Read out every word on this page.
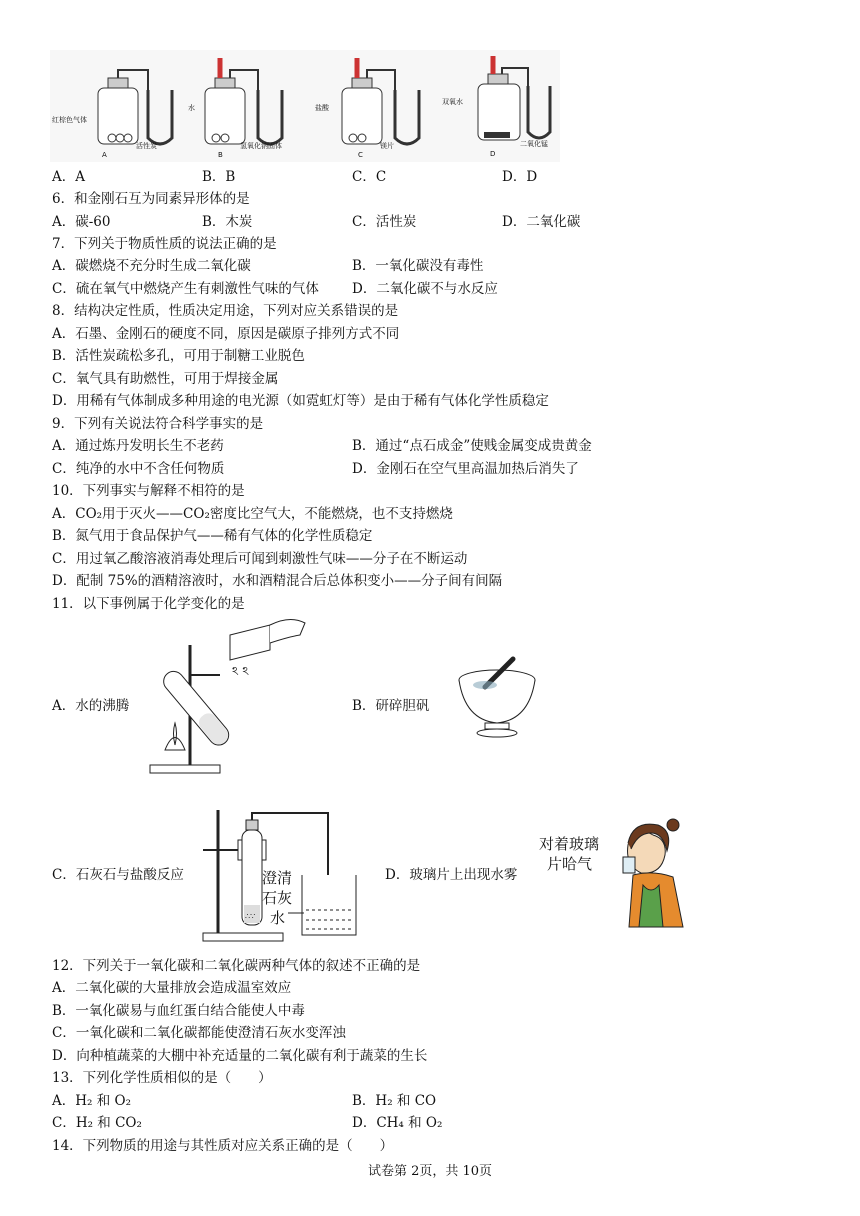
红棕色气体
活性炭
A
水
氢氧化钠固体
B
盐酸
镁片
C
双氧水
二氧化锰
D
A．A	B．B	C．C	D．D
6．和金刚石互为同素异形体的是
A．碳-60	B．木炭	C．活性炭	D．二氧化碳
7．下列关于物质性质的说法正确的是
A．碳燃烧不充分时生成二氧化碳	B．一氧化碳没有毒性
C．硫在氧气中燃烧产生有刺激性气味的气体 D．二氧化碳不与水反应
8．结构决定性质，性质决定用途，下列对应关系错误的是
A．石墨、金刚石的硬度不同，原因是碳原子排列方式不同
B．活性炭疏松多孔，可用于制糖工业脱色
C．氧气具有助燃性，可用于焊接金属
D．用稀有气体制成多种用途的电光源（如霓虹灯等）是由于稀有气体化学性质稳定
9．下列有关说法符合科学事实的是
A．通过炼丹发明长生不老药	B．通过“点石成金”使贱金属变成贵黄金
C．纯净的水中不含任何物质	D．金刚石在空气里高温加热后消失了
10．下列事实与解释不相符的是
A．CO₂用于灭火——CO₂密度比空气大，不能燃烧，也不支持燃烧
B．氮气用于食品保护气——稀有气体的化学性质稳定
C．用过氧乙酸溶液消毒处理后可闻到刺激性气味——分子在不断运动
D．配制 75%的酒精溶液时，水和酒精混合后总体积变小——分子间有间隔
11．以下事例属于化学变化的是
ঽ ঽ
A．水的沸腾	B．研碎胆矾
∴∵
澄清
石灰
水
C．石灰石与盐酸反应
对着玻璃
片哈气
D．玻璃片上出现水雾
12．下列关于一氧化碳和二氧化碳两种气体的叙述不正确的是
A．二氧化碳的大量排放会造成温室效应
B．一氧化碳易与血红蛋白结合能使人中毒
C．一氧化碳和二氧化碳都能使澄清石灰水变浑浊
D．向种植蔬菜的大棚中补充适量的二氧化碳有利于蔬菜的生长
13．下列化学性质相似的是（　　）
A．H₂ 和 O₂	B．H₂ 和 CO
C．H₂ 和 CO₂	D．CH₄ 和 O₂
14．下列物质的用途与其性质对应关系正确的是（　　）
试卷第 2页，共 10页
